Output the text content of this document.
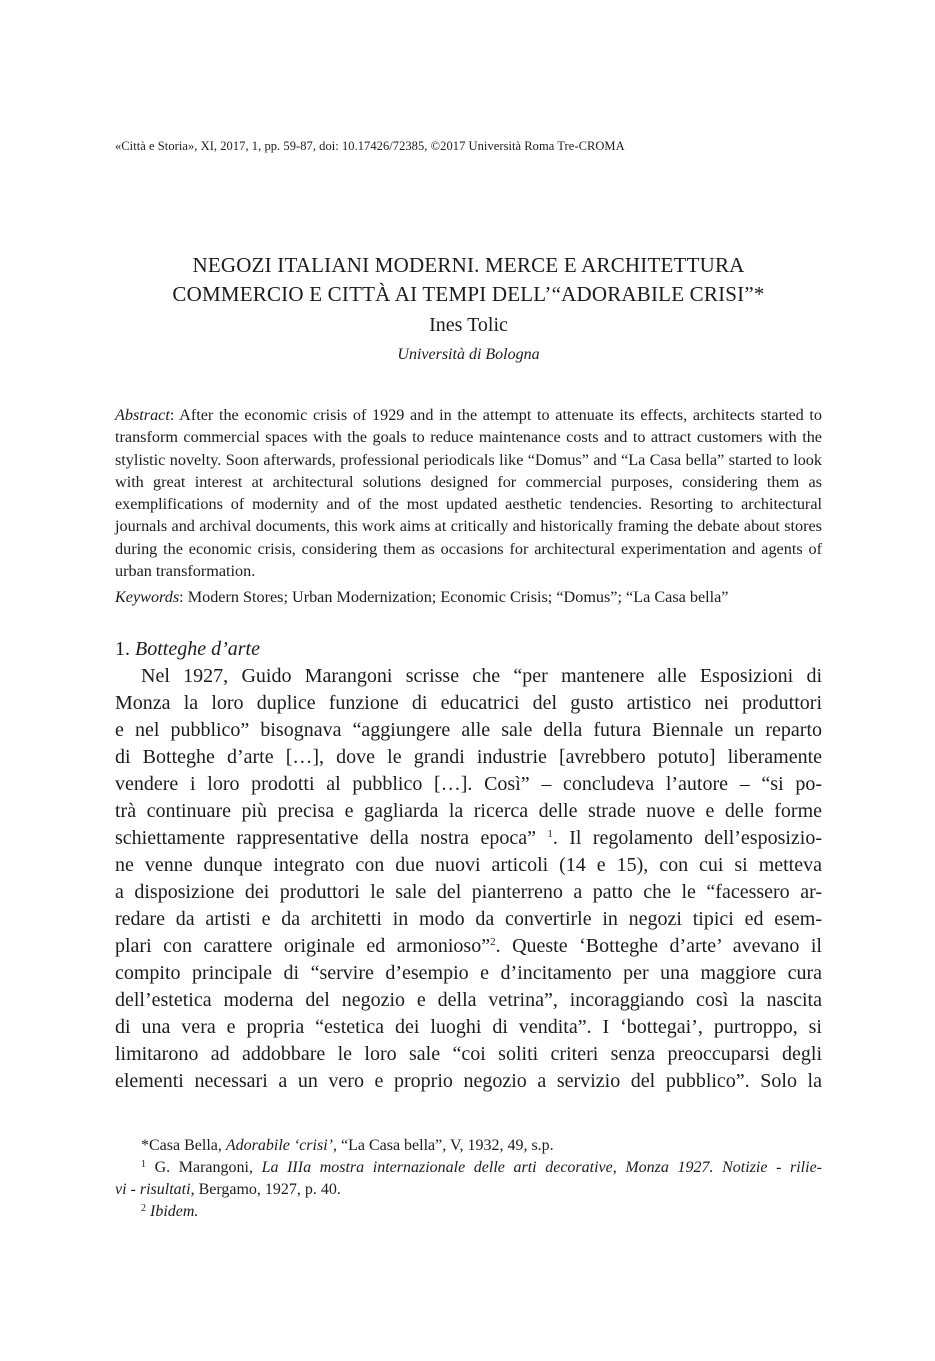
«Città e Storia», XI, 2017, 1, pp. 59-87, doi: 10.17426/72385, ©2017 Università Roma Tre-CROMA
NEGOZI ITALIANI MODERNI. MERCE E ARCHITETTURA
COMMERCIO E CITTÀ AI TEMPI DELL’“ADORABILE CRISI”*
Ines Tolic
Università di Bologna
Abstract: After the economic crisis of 1929 and in the attempt to attenuate its effects, architects started to transform commercial spaces with the goals to reduce maintenance costs and to attract customers with the stylistic novelty. Soon afterwards, professional periodicals like “Domus” and “La Casa bella” started to look with great interest at architectural solutions designed for commercial purposes, considering them as exemplifications of modernity and of the most updated aesthetic tendencies. Resorting to architectural journals and archival documents, this work aims at critically and historically framing the debate about stores during the economic crisis, considering them as occasions for architectural experimentation and agents of urban transformation.
Keywords: Modern Stores; Urban Modernization; Economic Crisis; “Domus”; “La Casa bella”
1. Botteghe d’arte
Nel 1927, Guido Marangoni scrisse che “per mantenere alle Esposizioni di
Monza la loro duplice funzione di educatrici del gusto artistico nei produttori
e nel pubblico” bisognava “aggiungere alle sale della futura Biennale un reparto
di Botteghe d’arte […], dove le grandi industrie [avrebbero potuto] liberamente
vendere i loro prodotti al pubblico […]. Così” – concludeva l’autore – “si po-
trà continuare più precisa e gagliarda la ricerca delle strade nuove e delle forme
schiettamente rappresentative della nostra epoca” $^1$. Il regolamento dell’esposizio-
ne venne dunque integrato con due nuovi articoli (14 e 15), con cui si metteva
a disposizione dei produttori le sale del pianterreno a patto che le “facessero ar-
redare da artisti e da architetti in modo da convertirle in negozi tipici ed esem-
plari con carattere originale ed armonioso”$^2$. Queste ‘Botteghe d’arte’ avevano il
compito principale di “servire d’esempio e d’incitamento per una maggiore cura
dell’estetica moderna del negozio e della vetrina”, incoraggiando così la nascita
di una vera e propria “estetica dei luoghi di vendita”. I ‘bottegai’, purtroppo, si
limitarono ad addobbare le loro sale “coi soliti criteri senza preoccuparsi degli
elementi necessari a un vero e proprio negozio a servizio del pubblico”. Solo la
*Casa Bella, Adorabile ‘crisi’, “La Casa bella”, V, 1932, 49, s.p.
$^1$ G. Marangoni, La IIIa mostra internazionale delle arti decorative, Monza 1927. Notizie - rilie-
vi - risultati, Bergamo, 1927, p. 40.
$^2$ Ibidem.
